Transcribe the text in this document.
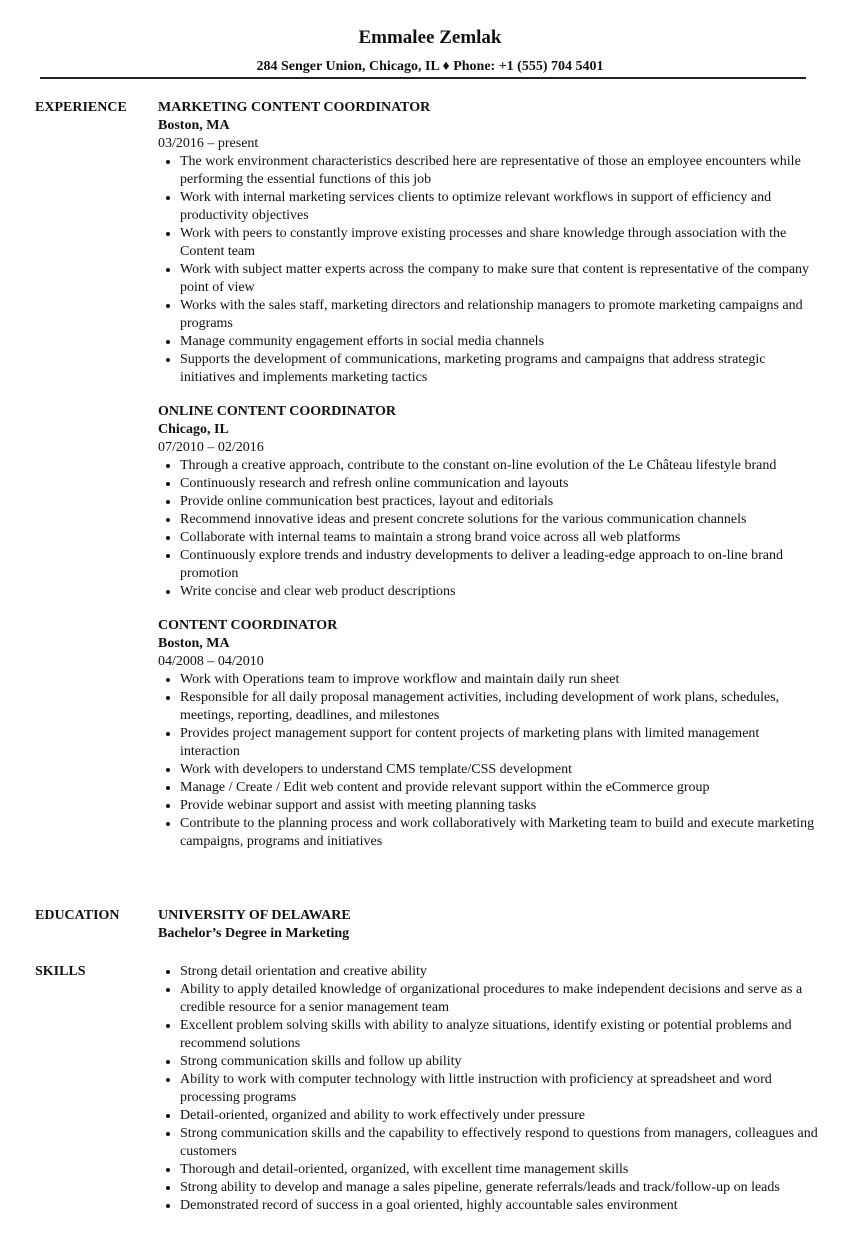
Emmalee Zemlak
284 Senger Union, Chicago, IL ♦ Phone: +1 (555) 704 5401
EXPERIENCE	MARKETING CONTENT COORDINATOR
Boston, MA
03/2016 – present
• The work environment characteristics described here are representative of those an employee encounters while performing the essential functions of this job
• Work with internal marketing services clients to optimize relevant workflows in support of efficiency and productivity objectives
• Work with peers to constantly improve existing processes and share knowledge through association with the Content team
• Work with subject matter experts across the company to make sure that content is representative of the company point of view
• Works with the sales staff, marketing directors and relationship managers to promote marketing campaigns and programs
• Manage community engagement efforts in social media channels
• Supports the development of communications, marketing programs and campaigns that address strategic initiatives and implements marketing tactics
ONLINE CONTENT COORDINATOR
Chicago, IL
07/2010 – 02/2016
• Through a creative approach, contribute to the constant on-line evolution of the Le Château lifestyle brand
• Continuously research and refresh online communication and layouts
• Provide online communication best practices, layout and editorials
• Recommend innovative ideas and present concrete solutions for the various communication channels
• Collaborate with internal teams to maintain a strong brand voice across all web platforms
• Continuously explore trends and industry developments to deliver a leading-edge approach to on-line brand promotion
• Write concise and clear web product descriptions
CONTENT COORDINATOR
Boston, MA
04/2008 – 04/2010
• Work with Operations team to improve workflow and maintain daily run sheet
• Responsible for all daily proposal management activities, including development of work plans, schedules, meetings, reporting, deadlines, and milestones
• Provides project management support for content projects of marketing plans with limited management interaction
• Work with developers to understand CMS template/CSS development
• Manage / Create / Edit web content and provide relevant support within the eCommerce group
• Provide webinar support and assist with meeting planning tasks
• Contribute to the planning process and work collaboratively with Marketing team to build and execute marketing campaigns, programs and initiatives
EDUCATION	UNIVERSITY OF DELAWARE
Bachelor’s Degree in Marketing
SKILLS
•	Strong detail orientation and creative ability
• Ability to apply detailed knowledge of organizational procedures to make independent decisions and serve as a credible resource for a senior management team
• Excellent problem solving skills with ability to analyze situations, identify existing or potential problems and recommend solutions
• Strong communication skills and follow up ability
• Ability to work with computer technology with little instruction with proficiency at spreadsheet and word processing programs
• Detail-oriented, organized and ability to work effectively under pressure
• Strong communication skills and the capability to effectively respond to questions from managers, colleagues and customers
• Thorough and detail-oriented, organized, with excellent time management skills
• Strong ability to develop and manage a sales pipeline, generate referrals/leads and track/follow-up on leads
• Demonstrated record of success in a goal oriented, highly accountable sales environment
